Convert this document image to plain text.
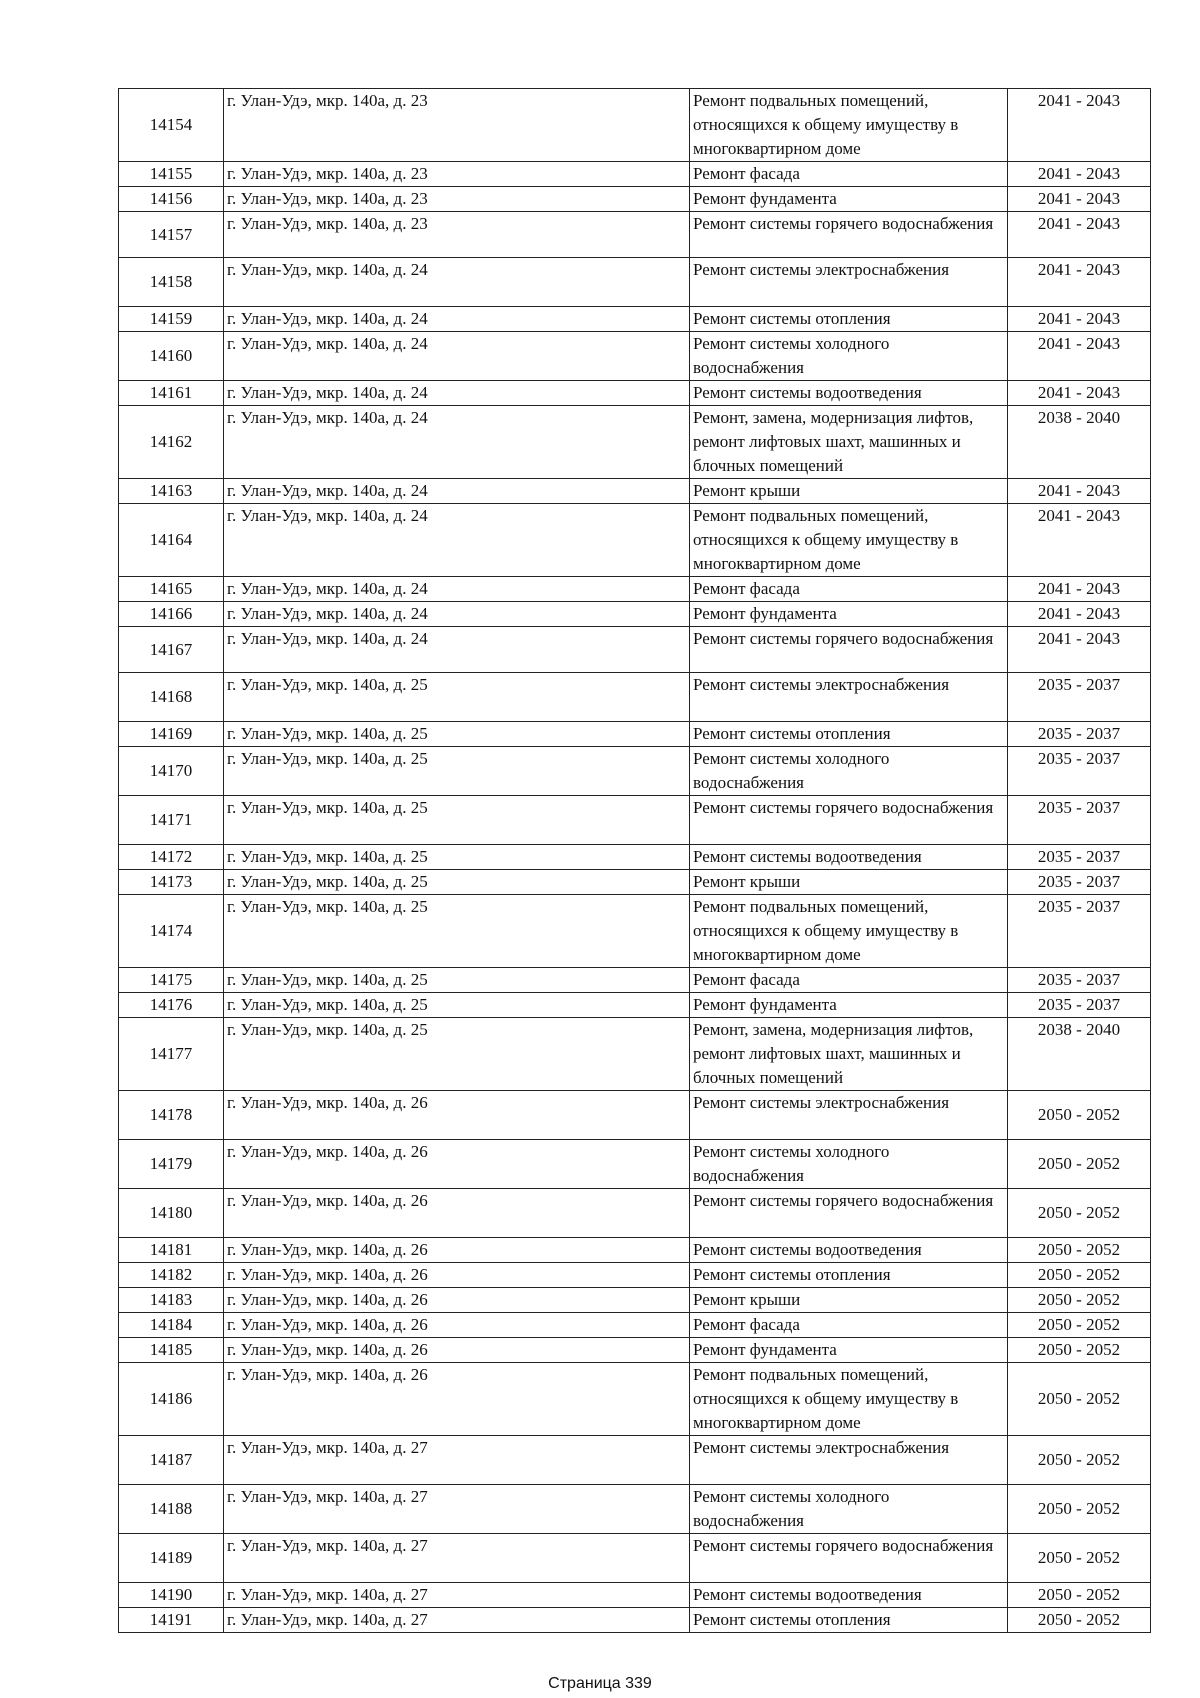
14154	г. Улан-Удэ, мкр. 140а, д. 23	Ремонт подвальных помещений, относящихся к общему имуществу в многоквартирном доме	2041 - 2043
14155	г. Улан-Удэ, мкр. 140а, д. 23	Ремонт фасада	2041 - 2043
14156	г. Улан-Удэ, мкр. 140а, д. 23	Ремонт фундамента	2041 - 2043
14157	г. Улан-Удэ, мкр. 140а, д. 23	Ремонт системы горячего водоснабжения	2041 - 2043
14158	г. Улан-Удэ, мкр. 140а, д. 24	Ремонт системы электроснабжения	2041 - 2043
14159	г. Улан-Удэ, мкр. 140а, д. 24	Ремонт системы отопления	2041 - 2043
14160	г. Улан-Удэ, мкр. 140а, д. 24	Ремонт системы холодного водоснабжения	2041 - 2043
14161	г. Улан-Удэ, мкр. 140а, д. 24	Ремонт системы водоотведения	2041 - 2043
14162	г. Улан-Удэ, мкр. 140а, д. 24	Ремонт, замена, модернизация лифтов, ремонт лифтовых шахт, машинных и блочных помещений	2038 - 2040
14163	г. Улан-Удэ, мкр. 140а, д. 24	Ремонт крыши	2041 - 2043
14164	г. Улан-Удэ, мкр. 140а, д. 24	Ремонт подвальных помещений, относящихся к общему имуществу в многоквартирном доме	2041 - 2043
14165	г. Улан-Удэ, мкр. 140а, д. 24	Ремонт фасада	2041 - 2043
14166	г. Улан-Удэ, мкр. 140а, д. 24	Ремонт фундамента	2041 - 2043
14167	г. Улан-Удэ, мкр. 140а, д. 24	Ремонт системы горячего водоснабжения	2041 - 2043
14168	г. Улан-Удэ, мкр. 140а, д. 25	Ремонт системы электроснабжения	2035 - 2037
14169	г. Улан-Удэ, мкр. 140а, д. 25	Ремонт системы отопления	2035 - 2037
14170	г. Улан-Удэ, мкр. 140а, д. 25	Ремонт системы холодного водоснабжения	2035 - 2037
14171	г. Улан-Удэ, мкр. 140а, д. 25	Ремонт системы горячего водоснабжения	2035 - 2037
14172	г. Улан-Удэ, мкр. 140а, д. 25	Ремонт системы водоотведения	2035 - 2037
14173	г. Улан-Удэ, мкр. 140а, д. 25	Ремонт крыши	2035 - 2037
14174	г. Улан-Удэ, мкр. 140а, д. 25	Ремонт подвальных помещений, относящихся к общему имуществу в многоквартирном доме	2035 - 2037
14175	г. Улан-Удэ, мкр. 140а, д. 25	Ремонт фасада	2035 - 2037
14176	г. Улан-Удэ, мкр. 140а, д. 25	Ремонт фундамента	2035 - 2037
14177	г. Улан-Удэ, мкр. 140а, д. 25	Ремонт, замена, модернизация лифтов, ремонт лифтовых шахт, машинных и блочных помещений	2038 - 2040
14178	г. Улан-Удэ, мкр. 140а, д. 26	Ремонт системы электроснабжения	2050 - 2052
14179	г. Улан-Удэ, мкр. 140а, д. 26	Ремонт системы холодного водоснабжения	2050 - 2052
14180	г. Улан-Удэ, мкр. 140а, д. 26	Ремонт системы горячего водоснабжения	2050 - 2052
14181	г. Улан-Удэ, мкр. 140а, д. 26	Ремонт системы водоотведения	2050 - 2052
14182	г. Улан-Удэ, мкр. 140а, д. 26	Ремонт системы отопления	2050 - 2052
14183	г. Улан-Удэ, мкр. 140а, д. 26	Ремонт крыши	2050 - 2052
14184	г. Улан-Удэ, мкр. 140а, д. 26	Ремонт фасада	2050 - 2052
14185	г. Улан-Удэ, мкр. 140а, д. 26	Ремонт фундамента	2050 - 2052
14186	г. Улан-Удэ, мкр. 140а, д. 26	Ремонт подвальных помещений, относящихся к общему имуществу в многоквартирном доме	2050 - 2052
14187	г. Улан-Удэ, мкр. 140а, д. 27	Ремонт системы электроснабжения	2050 - 2052
14188	г. Улан-Удэ, мкр. 140а, д. 27	Ремонт системы холодного водоснабжения	2050 - 2052
14189	г. Улан-Удэ, мкр. 140а, д. 27	Ремонт системы горячего водоснабжения	2050 - 2052
14190	г. Улан-Удэ, мкр. 140а, д. 27	Ремонт системы водоотведения	2050 - 2052
14191	г. Улан-Удэ, мкр. 140а, д. 27	Ремонт системы отопления	2050 - 2052
Страница 339
